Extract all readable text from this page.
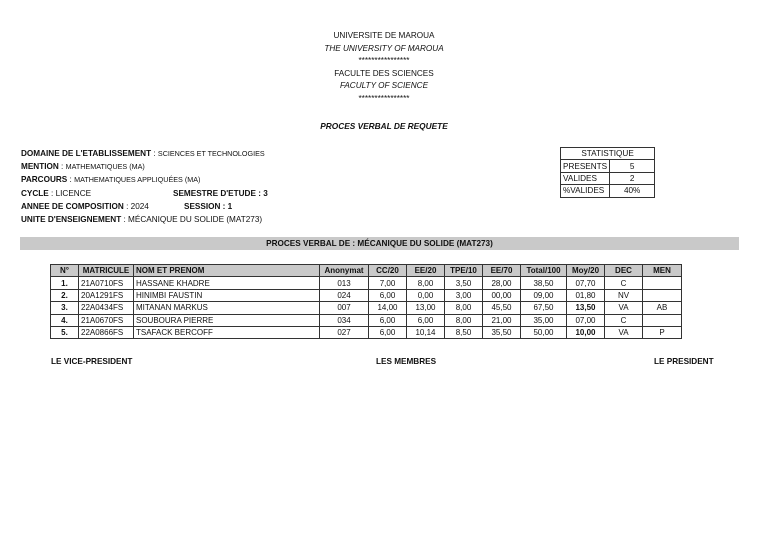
UNIVERSITE DE MAROUA
THE UNIVERSITY OF MAROUA
****************
FACULTE DES SCIENCES
FACULTY OF SCIENCE
****************
PROCES VERBAL DE REQUETE
DOMAINE DE L'ETABLISSEMENT : SCIENCES ET TECHNOLOGIES
MENTION : MATHEMATIQUES (MA)
PARCOURS : MATHEMATIQUES APPLIQUÉES (MA)
CYCLE : LICENCE	SEMESTRE D'ETUDE : 3
ANNEE DE COMPOSITION : 2024	SESSION : 1
UNITE D'ENSEIGNEMENT : MÉCANIQUE DU SOLIDE (MAT273)
STATISTIQUE	
PRESENTS	5
VALIDES	2
%VALIDES	40%
PROCES VERBAL DE : MÉCANIQUE DU SOLIDE (MAT273)
N°	MATRICULE	NOM ET PRENOM	Anonymat	CC/20	EE/20	TPE/10	EE/70	Total/100	Moy/20	DEC	MEN
1.	21A0710FS	HASSANE KHADRE	013	7,00	8,00	3,50	28,00	38,50	07,70	C	
2.	20A1291FS	HINIMBI FAUSTIN	024	6,00	0,00	3,00	00,00	09,00	01,80	NV	
3.	22A0434FS	MITANAN MARKUS	007	14,00	13,00	8,00	45,50	67,50	13,50	VA	AB
4.	21A0670FS	SOUBOURA PIERRE	034	6,00	6,00	8,00	21,00	35,00	07,00	C	
5.	22A0866FS	TSAFACK BERCOFF	027	6,00	10,14	8,50	35,50	50,00	10,00	VA	P
LE VICE-PRESIDENT	LES MEMBRES	LE PRESIDENT
